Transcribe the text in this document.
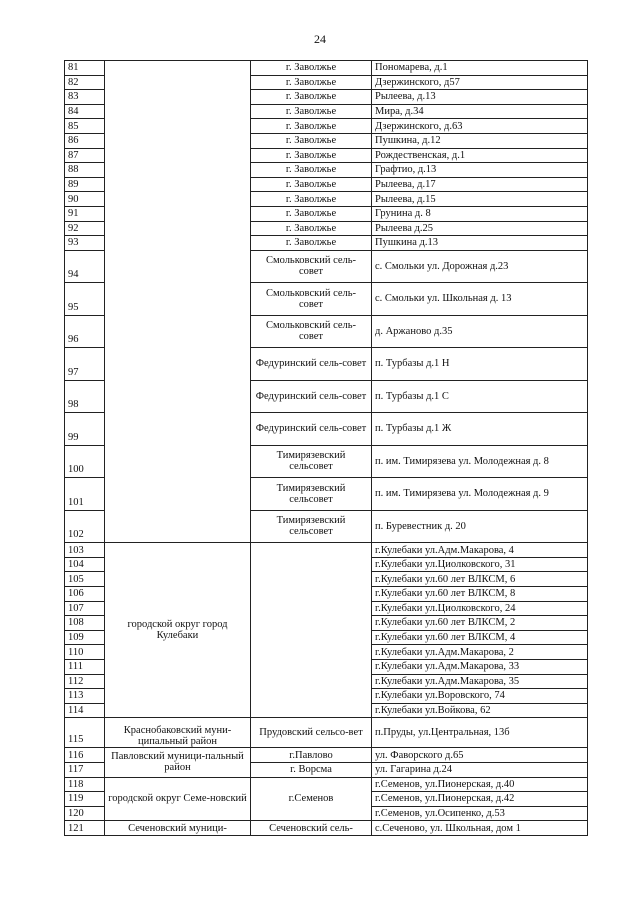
24
81		г. Заволжье	Пономарева, д.1
82		г. Заволжье	Дзержинского, д57
83		г. Заволжье	Рылеева, д.13
84		г. Заволжье	Мира, д.34
85		г. Заволжье	Дзержинского, д.63
86		г. Заволжье	Пушкина, д.12
87		г. Заволжье	Рождественская, д.1
88		г. Заволжье	Графтио, д.13
89		г. Заволжье	Рылеева, д.17
90		г. Заволжье	Рылеева, д.15
91		г. Заволжье	Грунина д. 8
92		г. Заволжье	Рылеева д.25
93		г. Заволжье	Пушкина д.13
94		Смольковский сель-совет	с. Смольки ул. Дорожная д.23
95		Смольковский сель-совет	с. Смольки ул. Школьная д. 13
96		Смольковский сель-совет	д. Аржаново д.35
97		Федуринский сель-совет	п. Турбазы д.1 Н
98		Федуринский сель-совет	п. Турбазы д.1 С
99		Федуринский сель-совет	п. Турбазы д.1 Ж
100		Тимирязевский сельсовет	п. им. Тимирязева ул. Молодежная д. 8
101		Тимирязевский сельсовет	п. им. Тимирязева ул. Молодежная д. 9
102		Тимирязевский сельсовет	п. Буревестник д. 20
103	городской округ город Кулебаки		г.Кулебаки ул.Адм.Макарова, 4
104			г.Кулебаки ул.Циолковского, 31
105			г.Кулебаки ул.60 лет ВЛКСМ, 6
106			г.Кулебаки ул.60 лет ВЛКСМ, 8
107			г.Кулебаки ул.Циолковского, 24
108			г.Кулебаки ул.60 лет ВЛКСМ, 2
109			г.Кулебаки ул.60 лет ВЛКСМ, 4
110			г.Кулебаки ул.Адм.Макарова, 2
111			г.Кулебаки ул.Адм.Макарова, 33
112			г.Кулебаки ул.Адм.Макарова, 35
113			г.Кулебаки ул.Воровского, 74
114			г.Кулебаки ул.Войкова, 62
115	Краснобаковский муни-ципальный район	Прудовский сельсо-вет	п.Пруды, ул.Центральная, 13б
116	Павловский муници-пальный район	г.Павлово	ул. Фаворского д.65
117		г. Ворсма	ул. Гагарина д.24
118	городской округ Семе-новский	г.Семенов	г.Семенов, ул.Пионерская, д.40
119			г.Семенов, ул.Пионерская, д.42
120			г.Семенов, ул.Осипенко, д.53
121	Сеченовский муници-	Сеченовский сель-	с.Сеченово, ул. Школьная, дом 1
